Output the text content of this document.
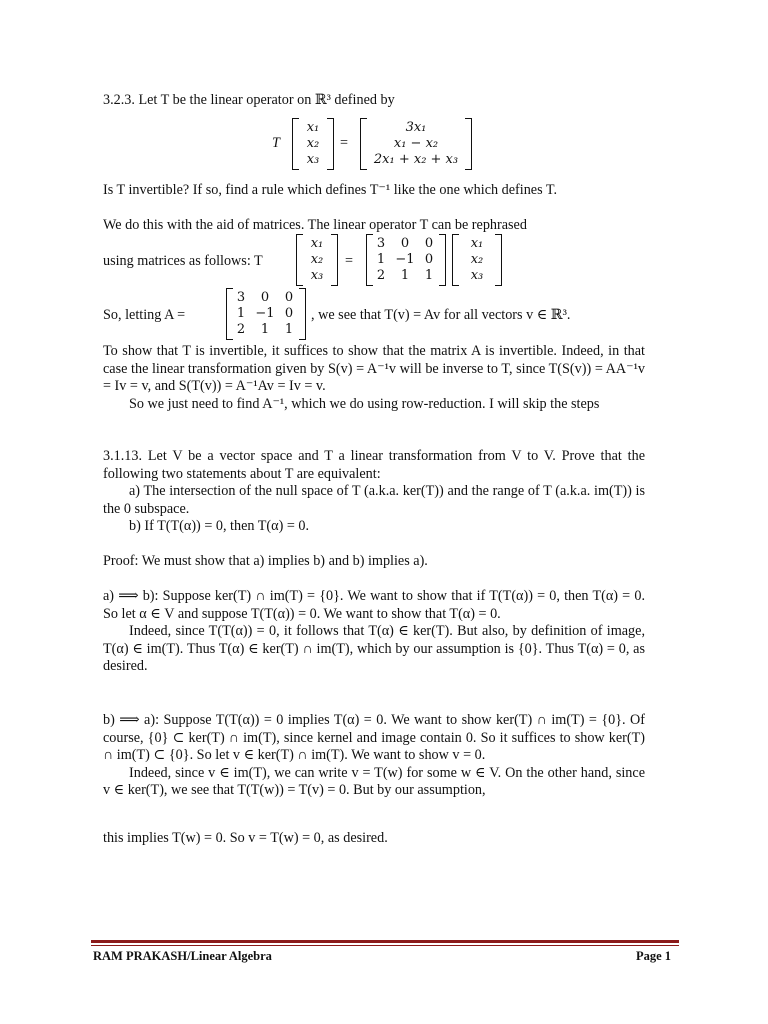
3.2.3. Let T be the linear operator on ℝ³ defined by

T
x₁
x₂
x₃
=
3x₁
x₁ − x₂
2x₁ + x₂ + x₃

Is T invertible? If so, find a rule which defines T⁻¹ like the one which defines T.

We do this with the aid of matrices. The linear operator T can be rephrased

using matrices as follows: T
x₁
x₂
x₃
=
3	0	0
1 −1 0
2	1	1
x₁
x₂
x₃
So, letting A =
3	0	0
1 −1 0
2	1	1
, we see that T(v) = Av for all vectors v ∈ ℝ³.

To show that T is invertible, it suffices to show that the matrix A is invertible. Indeed, in that case the linear transformation given by S(v) = A⁻¹v will be inverse to T, since T(S(v)) = AA⁻¹v = Iv = v, and S(T(v)) = A⁻¹Av = Iv = v.

So we just need to find A⁻¹, which we do using row-reduction. I will skip the steps

3.1.13. Let V be a vector space and T a linear transformation from V to V. Prove that the following two statements about T are equivalent:

a) The intersection of the null space of T (a.k.a. ker(T)) and the range of T (a.k.a. im(T)) is the 0 subspace.

b) If T(T(α)) = 0, then T(α) = 0.

Proof: We must show that a) implies b) and b) implies a).

a) ⟹ b): Suppose ker(T) ∩ im(T) = {0}. We want to show that if T(T(α)) = 0, then T(α) = 0. So let α ∈ V and suppose T(T(α)) = 0. We want to show that T(α) = 0.

Indeed, since T(T(α)) = 0, it follows that T(α) ∈ ker(T). But also, by definition of image, T(α) ∈ im(T). Thus T(α) ∈ ker(T) ∩ im(T), which by our assumption is {0}. Thus T(α) = 0, as desired.

b) ⟹ a): Suppose T(T(α)) = 0 implies T(α) = 0. We want to show ker(T) ∩ im(T) = {0}. Of course, {0} ⊂ ker(T) ∩ im(T), since kernel and image contain 0. So it suffices to show ker(T) ∩ im(T) ⊂ {0}. So let v ∈ ker(T) ∩ im(T). We want to show v = 0.

Indeed, since v ∈ im(T), we can write v = T(w) for some w ∈ V. On the other hand, since v ∈ ker(T), we see that T(T(w)) = T(v) = 0. But by our assumption,

this implies T(w) = 0. So v = T(w) = 0, as desired.

RAM PRAKASH/Linear Algebra	Page 1
